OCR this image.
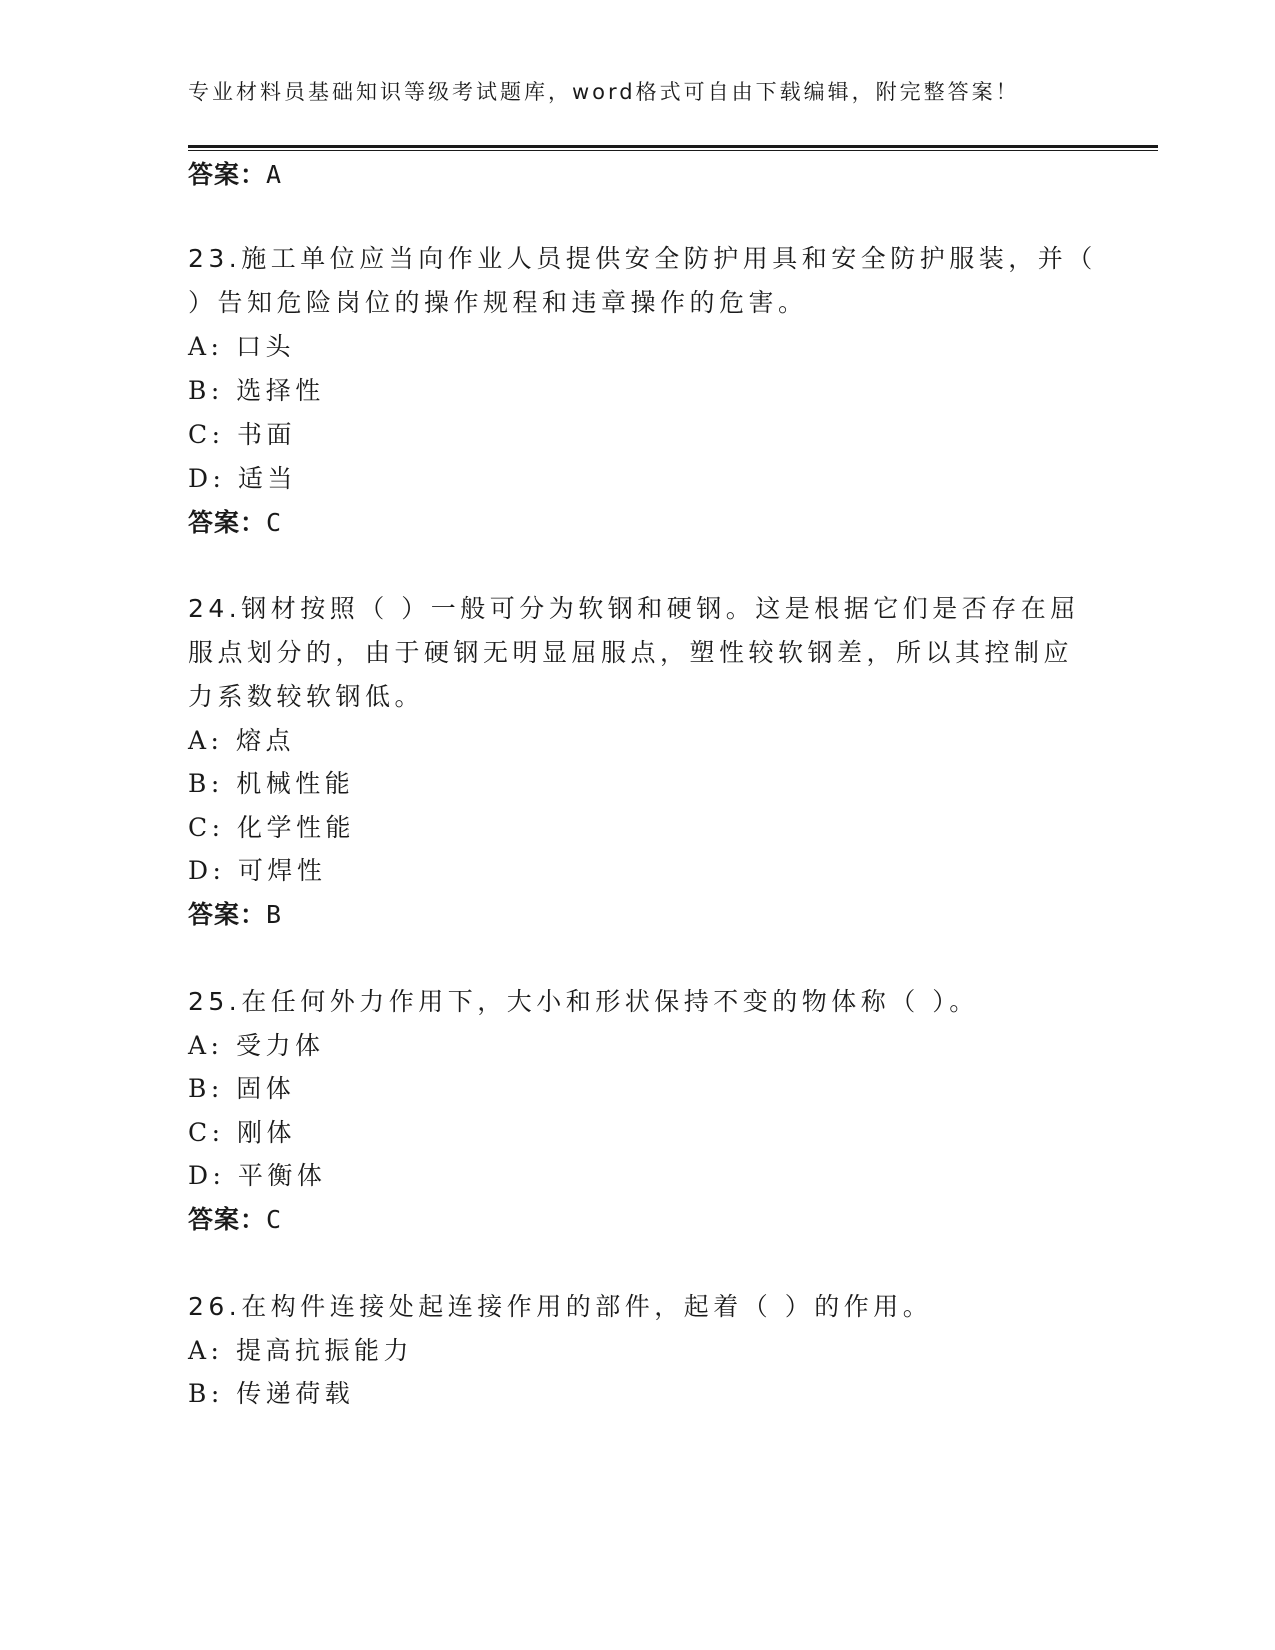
专业材料员基础知识等级考试题库，word格式可自由下载编辑，附完整答案！
答案：A
23.施工单位应当向作业人员提供安全防护用具和安全防护服装，并（
）告知危险岗位的操作规程和违章操作的危害。
A: 口头
B: 选择性
C: 书面
D: 适当
答案：C
24.钢材按照（ ）一般可分为软钢和硬钢。这是根据它们是否存在屈
服点划分的，由于硬钢无明显屈服点，塑性较软钢差，所以其控制应
力系数较软钢低。
A: 熔点
B: 机械性能
C: 化学性能
D: 可焊性
答案：B
25.在任何外力作用下，大小和形状保持不变的物体称（ ）。
A: 受力体
B: 固体
C: 刚体
D: 平衡体
答案：C
26.在构件连接处起连接作用的部件，起着（ ）的作用。
A: 提高抗振能力
B: 传递荷载
